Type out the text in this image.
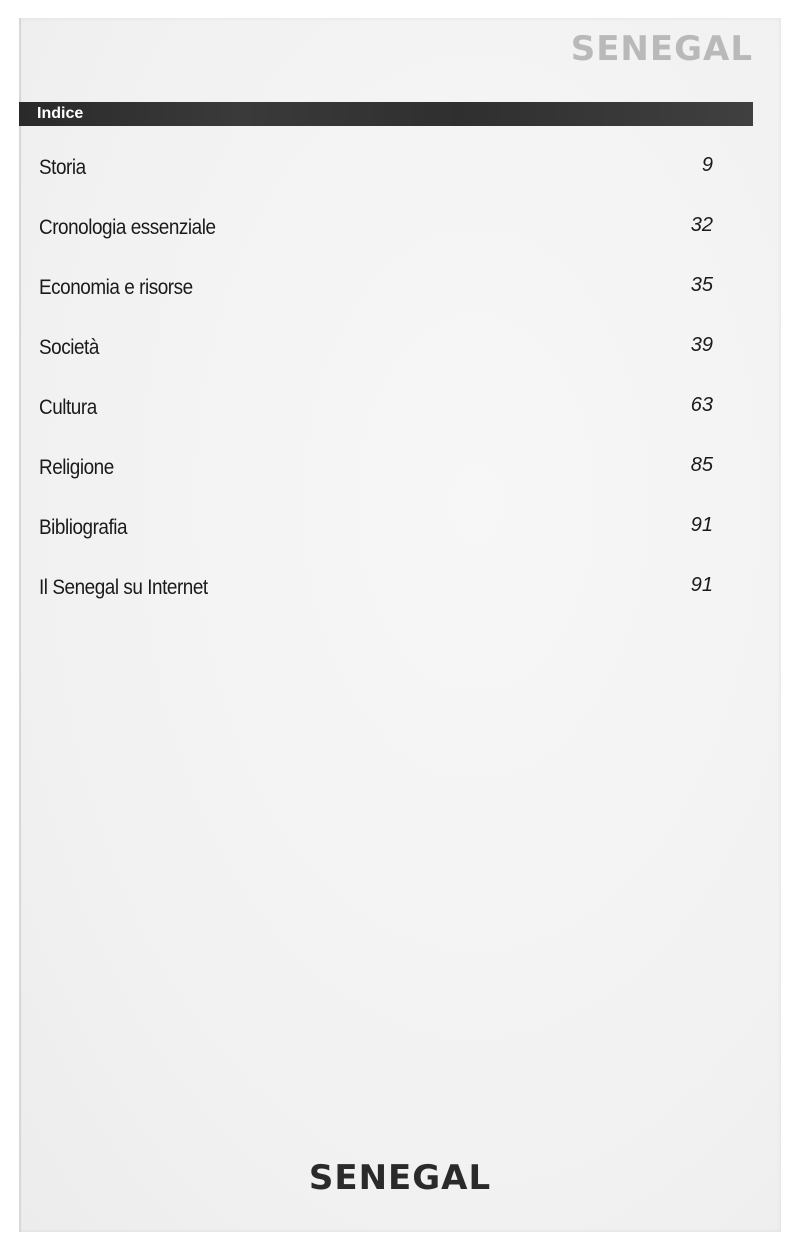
SENEGAL
Indice
Storia	9
Cronologia essenziale	32
Economia e risorse	35
Società	39
Cultura	63
Religione	85
Bibliografia	91
Il Senegal su Internet	91
SENEGAL
